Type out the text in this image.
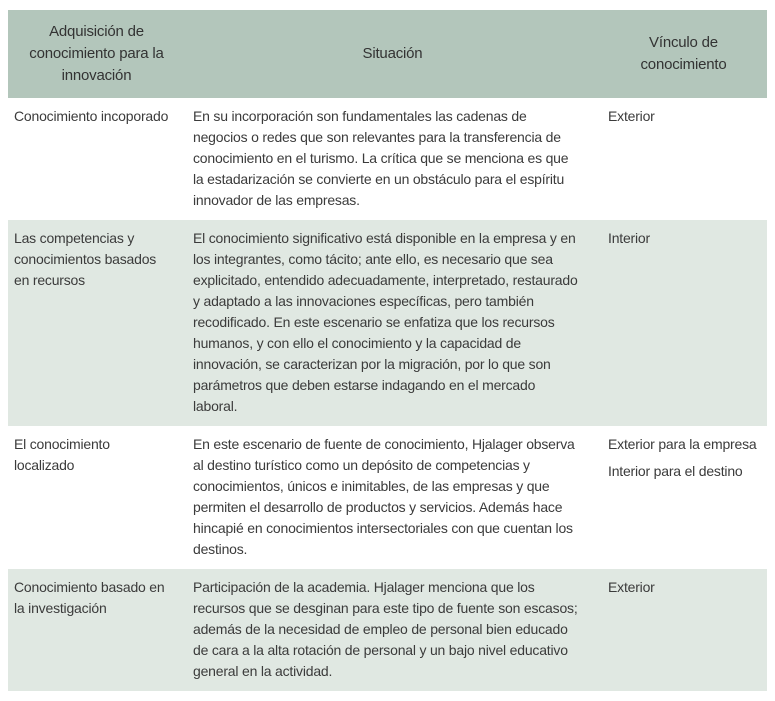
Adquisición de conocimiento para la innovación
Situación
Vínculo de conocimiento
Conocimiento incoporado	En su incorporación son fundamentales las cadenas de negocios o redes que son relevantes para la transferencia de conocimiento en el turismo. La crítica que se menciona es que la estadarización se convierte en un obstáculo para el espíritu innovador de las empresas.

Exterior

Las competencias y conocimientos basados en recursos
El conocimiento significativo está disponible en la empresa y en los integrantes, como tácito; ante ello, es necesario que sea explicitado, entendido adecuadamente, interpretado, restaurado y adaptado a las innovaciones específicas, pero también recodificado. En este escenario se enfatiza que los recursos humanos, y con ello el conocimiento y la capacidad de innovación, se caracterizan por la migración, por lo que son parámetros que deben estarse indagando en el mercado laboral.

Interior

El conocimiento localizado
En este escenario de fuente de conocimiento, Hjalager observa al destino turístico como un depósito de competencias y conocimientos, únicos e inimitables, de las empresas y que permiten el desarrollo de productos y servicios. Además hace hincapié en conocimientos intersectoriales con que cuentan los destinos.

Exterior para la empresa

Interior para el destino

Conocimiento basado en la investigación
Participación de la academia. Hjalager menciona que los recursos que se desginan para este tipo de fuente son escasos; además de la necesidad de empleo de personal bien educado de cara a la alta rotación de personal y un bajo nivel educativo general en la actividad.

Exterior
